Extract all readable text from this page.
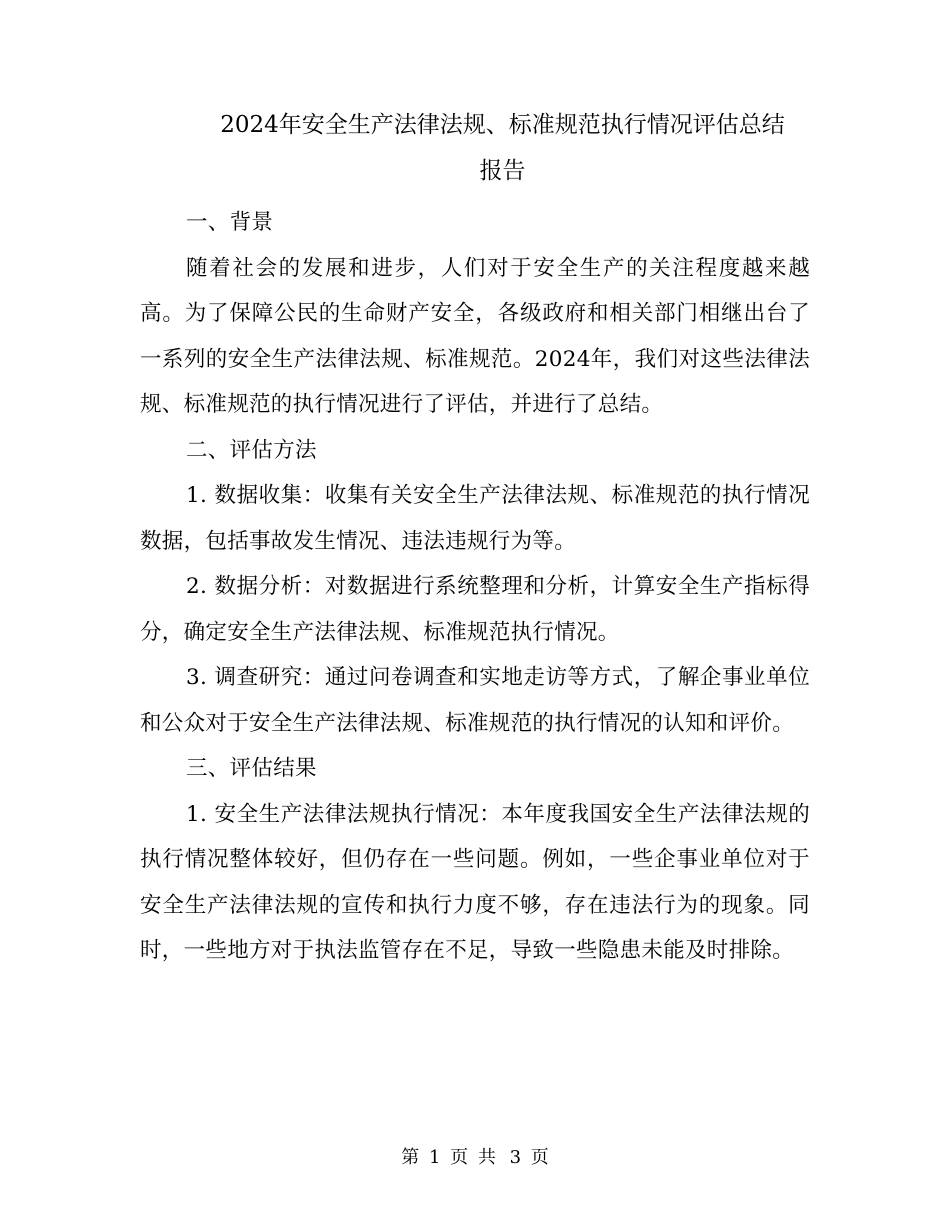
2024年安全生产法律法规、标准规范执行情况评估总结
报告

一、背景

随着社会的发展和进步，人们对于安全生产的关注程度越来越高。为了保障公民的生命财产安全，各级政府和相关部门相继出台了一系列的安全生产法律法规、标准规范。2024年，我们对这些法律法规、标准规范的执行情况进行了评估，并进行了总结。

二、评估方法

1. 数据收集：收集有关安全生产法律法规、标准规范的执行情况数据，包括事故发生情况、违法违规行为等。

2. 数据分析：对数据进行系统整理和分析，计算安全生产指标得分，确定安全生产法律法规、标准规范执行情况。

3. 调查研究：通过问卷调查和实地走访等方式，了解企事业单位和公众对于安全生产法律法规、标准规范的执行情况的认知和评价。

三、评估结果

1. 安全生产法律法规执行情况：本年度我国安全生产法律法规的执行情况整体较好，但仍存在一些问题。例如，一些企事业单位对于安全生产法律法规的宣传和执行力度不够，存在违法行为的现象。同时，一些地方对于执法监管存在不足，导致一些隐患未能及时排除。

第 1 页 共 3 页
